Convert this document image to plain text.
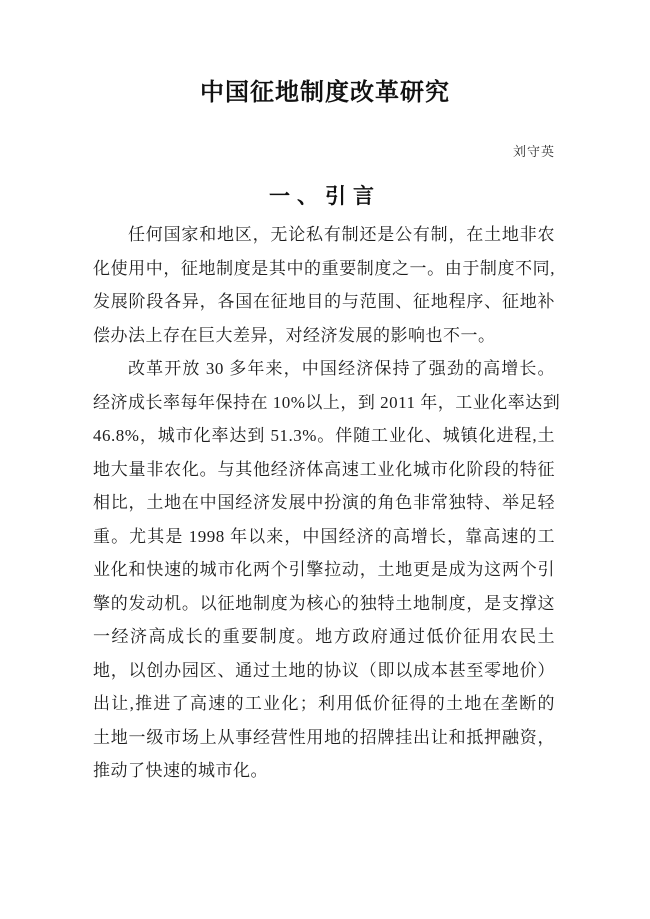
中国征地制度改革研究
刘守英
一、引言
任何国家和地区，无论私有制还是公有制，在土地非农
化使用中，征地制度是其中的重要制度之一。由于制度不同,
发展阶段各异，各国在征地目的与范围、征地程序、征地补
偿办法上存在巨大差异，对经济发展的影响也不一。
改革开放 30 多年来，中国经济保持了强劲的高增长。
经济成长率每年保持在 10%以上，到 2011 年，工业化率达到
46.8%，城市化率达到 51.3%。伴随工业化、城镇化进程,土
地大量非农化。与其他经济体高速工业化城市化阶段的特征
相比，土地在中国经济发展中扮演的角色非常独特、举足轻
重。尤其是 1998 年以来，中国经济的高增长，靠高速的工
业化和快速的城市化两个引擎拉动，土地更是成为这两个引
擎的发动机。以征地制度为核心的独特土地制度，是支撑这
一经济高成长的重要制度。地方政府通过低价征用农民土
地，以创办园区、通过土地的协议（即以成本甚至零地价）
出让,推进了高速的工业化；利用低价征得的土地在垄断的
土地一级市场上从事经营性用地的招牌挂出让和抵押融资，
推动了快速的城市化。
